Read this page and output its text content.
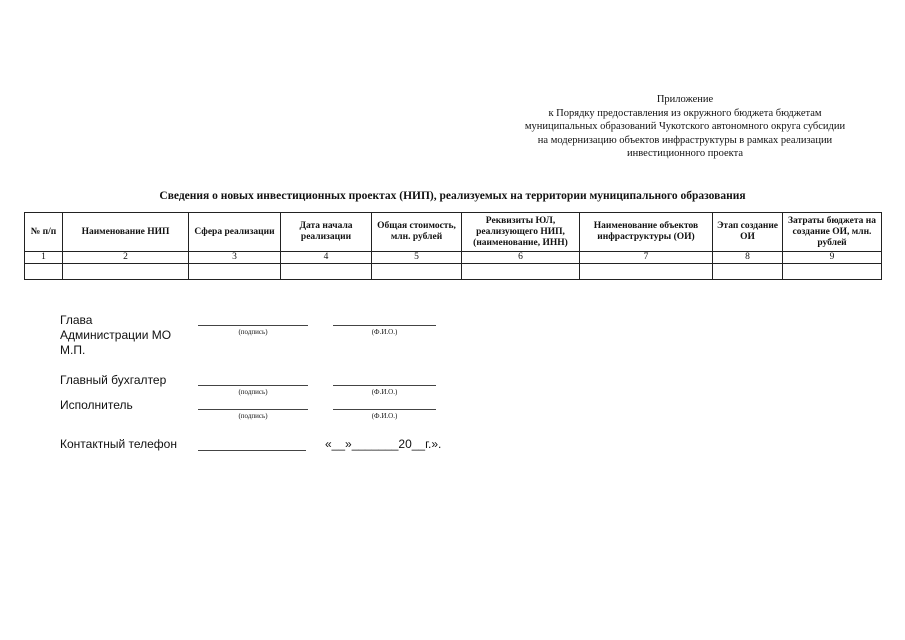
Приложение
к Порядку предоставления из окружного бюджета бюджетам
муниципальных образований Чукотского автономного округа субсидии
на модернизацию объектов инфраструктуры в рамках реализации
инвестиционного проекта
Сведения о новых инвестиционных проектах (НИП), реализуемых на территории муниципального образования
№ п/п	Наименование НИП	Сфера реализации	Дата начала реализации	Общая стоимость, млн. рублей	Реквизиты ЮЛ, реализующего НИП, (наименование, ИНН)	Наименование объектов инфраструктуры (ОИ)	Этап создание ОИ	Затраты бюджета на создание ОИ, млн. рублей
1	2	3	4	5	6	7	8	9

Глава
Администрации МО
М.П.
(подпись)	(Ф.И.О.)
Главный бухгалтер
(подпись)	(Ф.И.О.)
Исполнитель
(подпись)	(Ф.И.О.)
Контактный телефон	«__»_______20__г.».
